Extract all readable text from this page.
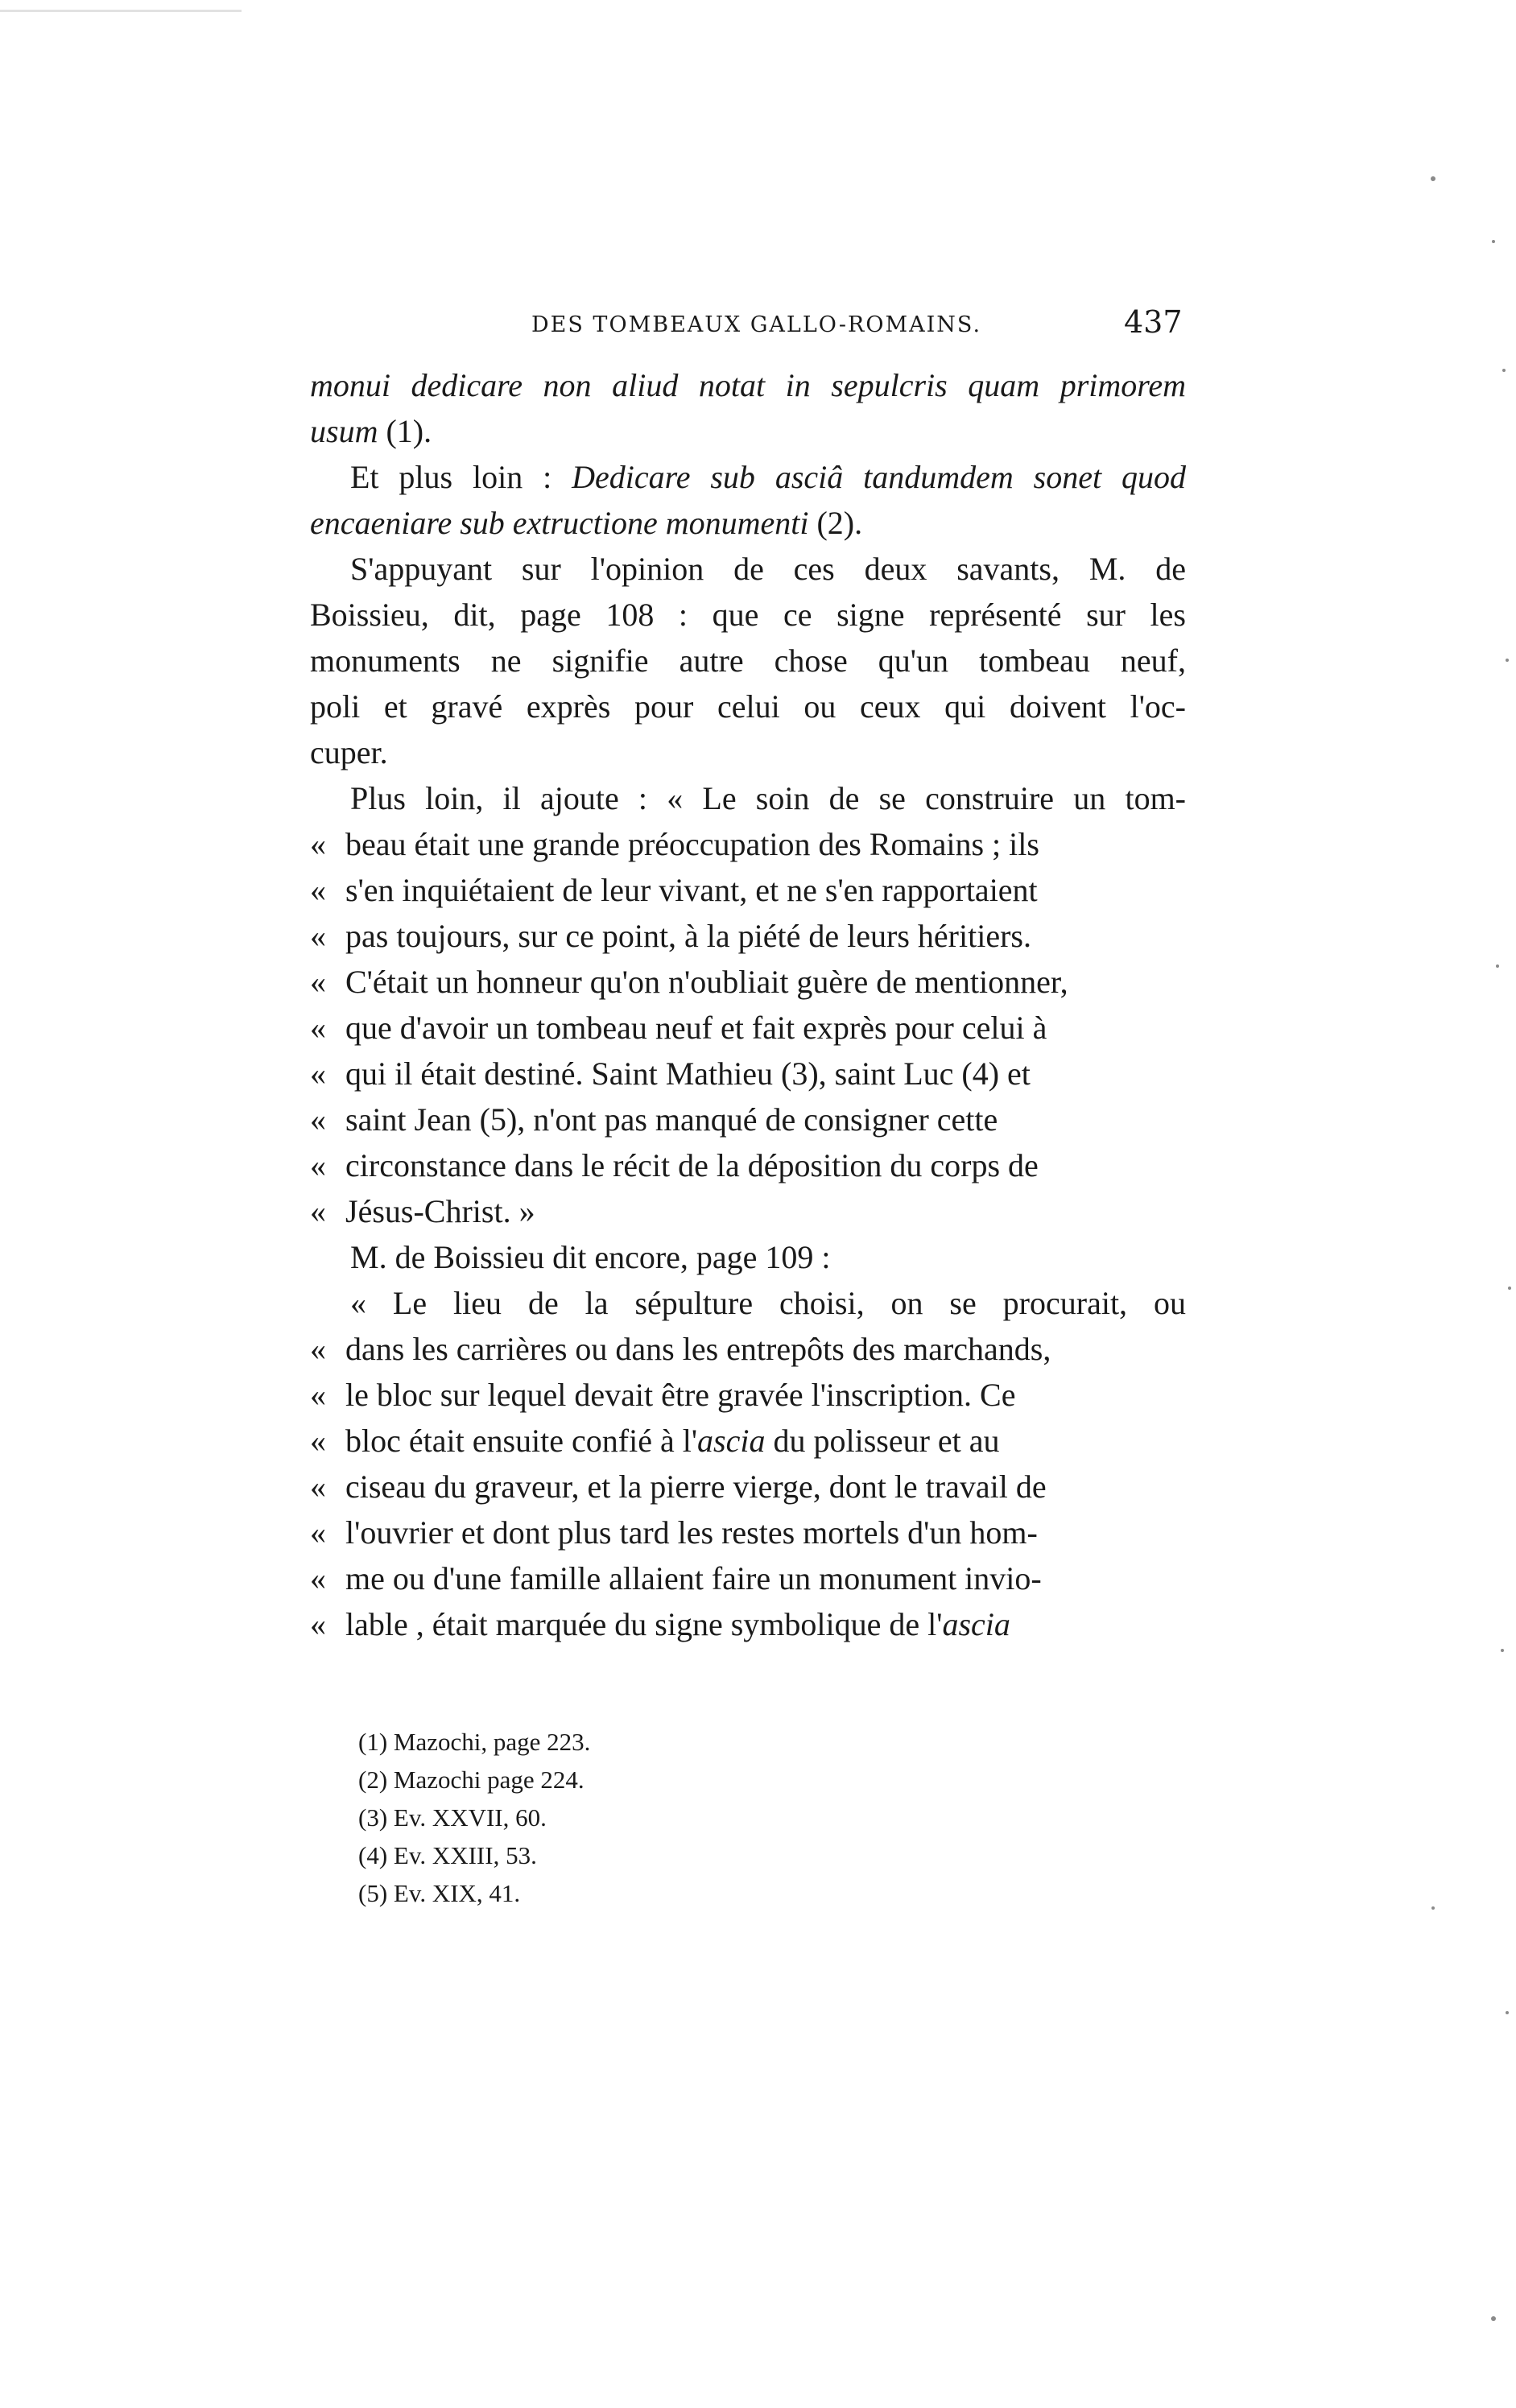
DES TOMBEAUX GALLO-ROMAINS.	437
monui dedicare non aliud notat in sepulcris quam primorem
usum (1).
Et plus loin : Dedicare sub asciâ tandumdem sonet quod
encaeniare sub extructione monumenti (2).
S'appuyant sur l'opinion de ces deux savants, M. de
Boissieu, dit, page 108 : que ce signe représenté sur les
monuments ne signifie autre chose qu'un tombeau neuf,
poli et gravé exprès pour celui ou ceux qui doivent l'oc-
cuper.
Plus loin, il ajoute : « Le soin de se construire un tom-
« beau était une grande préoccupation des Romains ; ils
« s'en inquiétaient de leur vivant, et ne s'en rapportaient
« pas toujours, sur ce point, à la piété de leurs héritiers.
« C'était un honneur qu'on n'oubliait guère de mentionner,
« que d'avoir un tombeau neuf et fait exprès pour celui à
« qui il était destiné. Saint Mathieu (3), saint Luc (4) et
« saint Jean (5), n'ont pas manqué de consigner cette
« circonstance dans le récit de la déposition du corps de
« Jésus-Christ. »
M. de Boissieu dit encore, page 109 :
« Le lieu de la sépulture choisi, on se procurait, ou
« dans les carrières ou dans les entrepôts des marchands,
« le bloc sur lequel devait être gravée l'inscription. Ce
« bloc était ensuite confié à l'ascia du polisseur et au
« ciseau du graveur, et la pierre vierge, dont le travail de
« l'ouvrier et dont plus tard les restes mortels d'un hom-
« me ou d'une famille allaient faire un monument invio-
« lable , était marquée du signe symbolique de l'ascia
(1) Mazochi, page 223.
(2) Mazochi page 224.
(3) Ev. XXVII, 60.
(4) Ev. XXIII, 53.
(5) Ev. XIX, 41.
